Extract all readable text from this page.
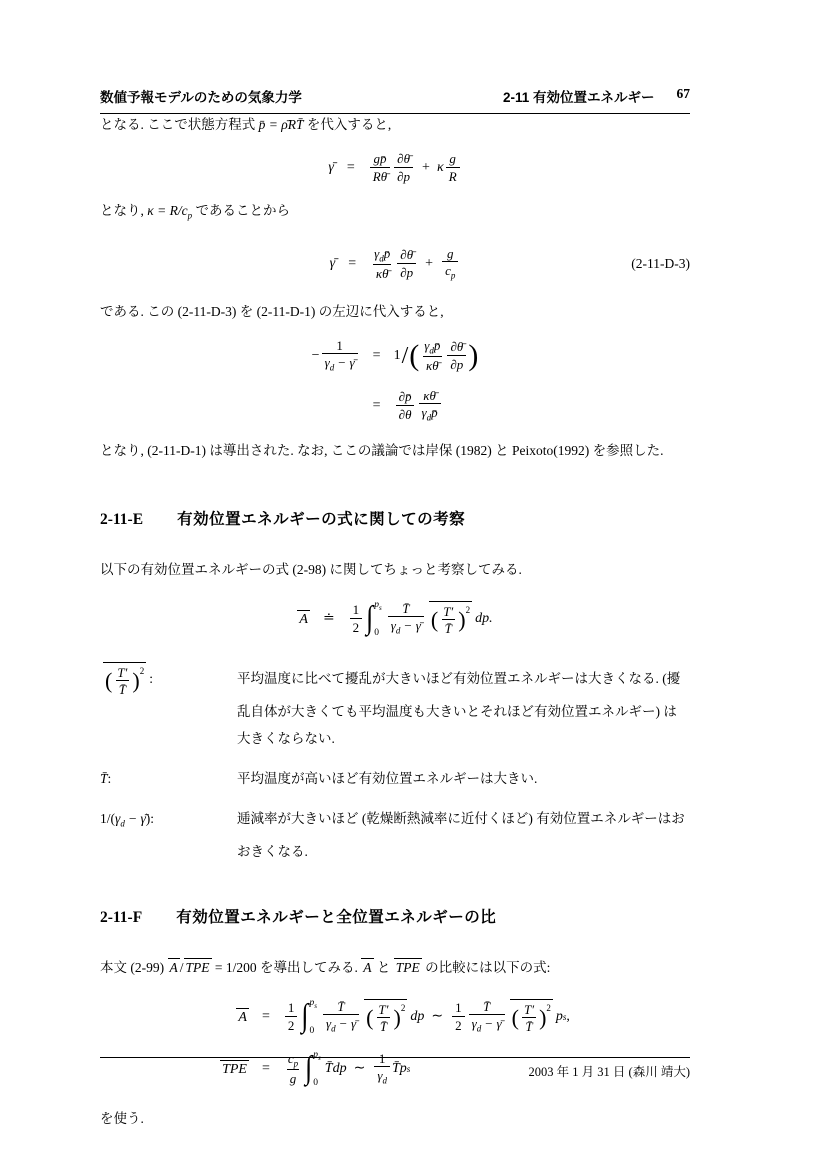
数値予報モデルのための気象力学	2-11 有効位置エネルギー 67

となる. ここで状態方程式 p̄ = ρ̄RT̄ を代入すると,

γ̄ = $\frac{gp̄}{R\thetā} \frac{\partial\thetā}{\partial p} + \kappa \frac{g}{R}$

となり, $\kappa = R/c_p$ であることから

γ̄ = $\frac{\gamma_dp̄}{\kappa\thetā} \frac{\partial\thetā}{\partial p} + \frac{g}{c_p}$	(2-11-D-3)

である. この (2-11-D-3) を (2-11-D-1) の左辺に代入すると,

− $\frac{1}{\gamma_d - \gammā} = 1$ / ( $\frac{\gamma_dp̄}{\kappa\thetā} \frac{\partial\thetā}{\partial p}$ )
= $\frac{\partial p̄}{\partial\theta} \frac{\kappa\thetā}{\gamma_dp̄}$

となり, (2-11-D-1) は導出された. なお, ここの議論では岸保 (1982) と Peixoto(1992) を参照した.

2-11-E 有効位置エネルギーの式に関しての考察

以下の有効位置エネルギーの式 (2-98) に関してちょっと考察してみる.

A ≐ $\frac{1}{2}$ ∫ $p_s$
$0 \frac{T̄}{\gamma_d - \gammā}$ ( $\frac{T'}{T̄} )^2$
dp.
( $\frac{T'}{T̄} )^2$
:	平均温度に比べて擾乱が大きいほど有効位置エネルギーは大きくなる. (擾乱自体が大きくても平均温度も大きいとそれほど有効位置エネルギー) は大きくならない.
T̄:	平均温度が高いほど有効位置エネルギーは大きい.
$1/(\gamma_d$ − γ̄):	逓減率が大きいほど (乾燥断熱減率に近付くほど) 有効位置エネルギーはおおきくなる.
2-11-F 有効位置エネルギーと全位置エネルギーの比

本文 (2-99) A / TPE = 1/200 を導出してみる. A と TPE の比較には以下の式:

$A = \frac{1}{2}$ ∫ $p_s$
$0 \frac{T̄}{\gamma_d - \gammā}$ ( $\frac{T'}{T̄} )^2$
dp ∼ $\frac{1}{2} \frac{T̄}{\gamma_d - \gammā}$ ( $\frac{T'}{T̄} )^2$
p s ,
TPE = $\frac{c_p}{g}$ ∫ $p_s$
0
T̄ dp ∼ $\frac{1}{\gamma_d}$ T̄ p s

を使う.

2003 年 1 月 31 日 (森川 靖大)
